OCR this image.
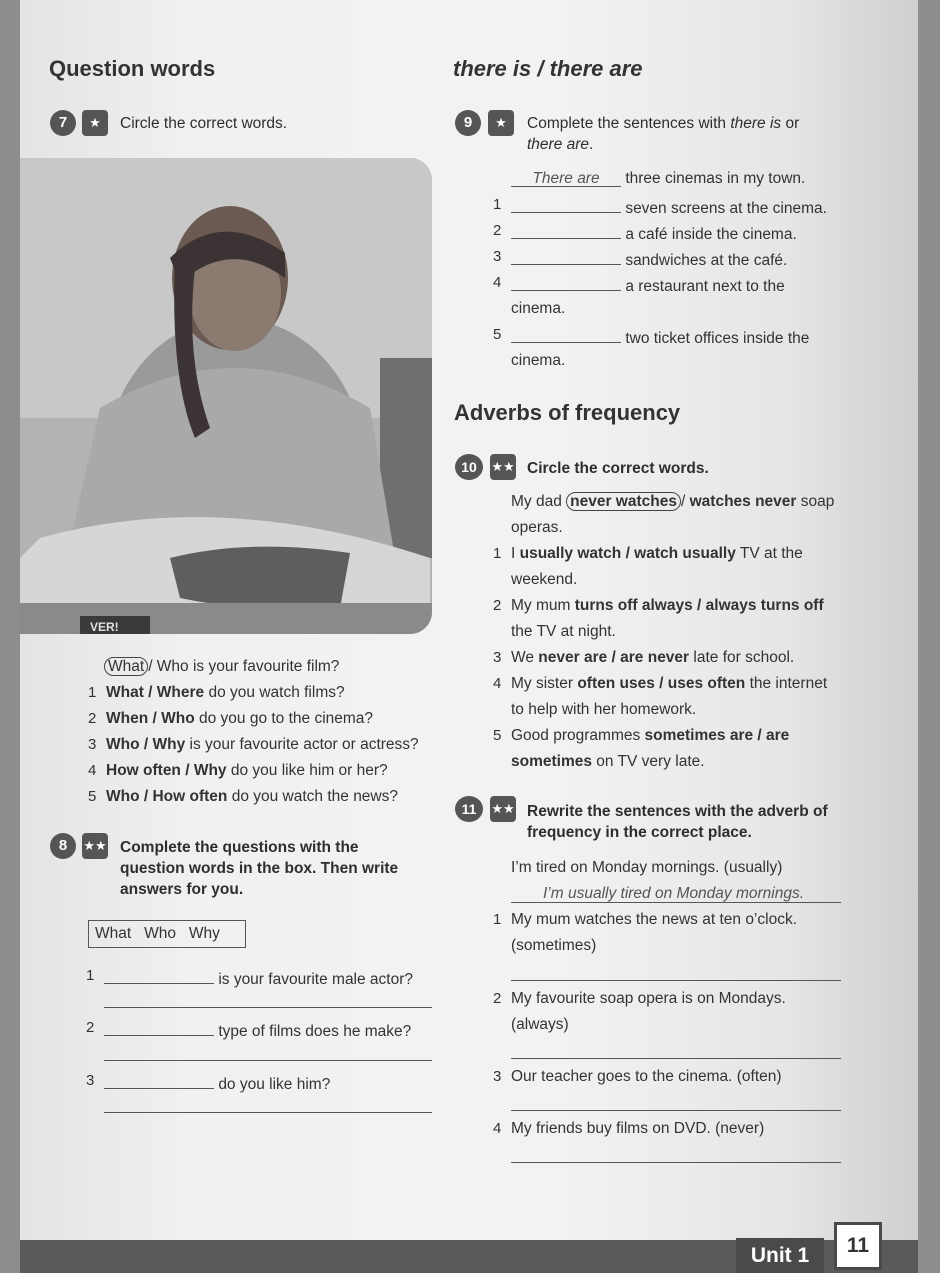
Question words
7	★	Circle the correct words.
VER!
What / Who is your favourite film?
1 What / Where do you watch films?
2 When / Who do you go to the cinema?
3 Who / Why is your favourite actor or actress?
4 How often / Why do you like him or her?
5 Who / How often do you watch the news?
8	★★ Complete the questions with the question words in the box. Then write answers for you.
What   Who   Why
1	is your favourite male actor?
2	type of films does he make?
3	do you like him?
there is / there are
9	★	Complete the sentences with there is or
there are.
There are three cinemas in my town.
1	seven screens at the cinema.
2	a café inside the cinema.
3	sandwiches at the café.
4	a restaurant next to the
cinema.
5	two ticket offices inside the
cinema.
Adverbs of frequency
10	★★ Circle the correct words.
My dad never watches / watches never soap
operas.
1 I usually watch / watch usually TV at the
weekend.
2 My mum turns off always / always turns off
the TV at night.
3 We never are / are never late for school.
4 My sister often uses / uses often the internet
to help with her homework.
5 Good programmes sometimes are / are
sometimes on TV very late.
11	★★ Rewrite the sentences with the adverb of frequency in the correct place.
I’m tired on Monday mornings. (usually)
I’m usually tired on Monday mornings.
1 My mum watches the news at ten o’clock.
(sometimes)
2 My favourite soap opera is on Mondays.
(always)
3 Our teacher goes to the cinema. (often)
4 My friends buy films on DVD. (never)
Unit 1	11
